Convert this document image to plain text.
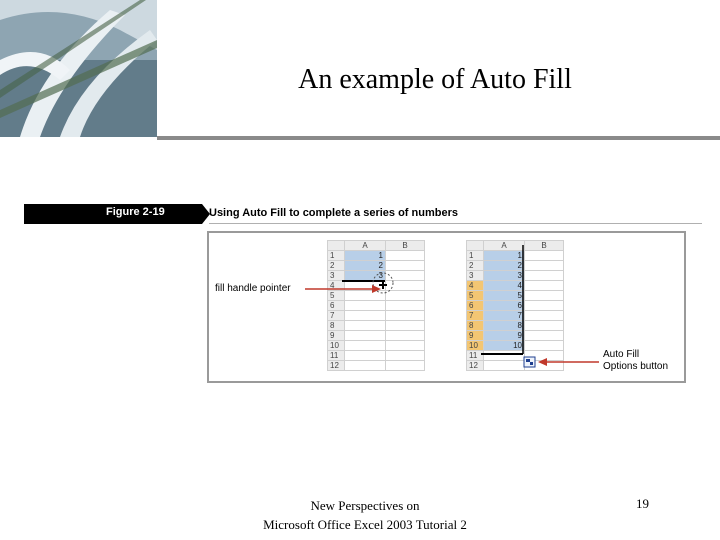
An example of Auto Fill
Figure 2-19	Using Auto Fill to complete a series of numbers
fill handle pointer
	A	B
1	1	
2	2	
3	3	
4		
5		
6		
7		
8		
9		
10		
11		
12		
	A	B
1	1	
2	2	
3	3	
4	4	
5	5	
6	6	
7	7	
8	8	
9	9	
10	10	
11		
12		
Auto Fill
Options button
New Perspectives on
Microsoft Office Excel 2003 Tutorial 2
19
